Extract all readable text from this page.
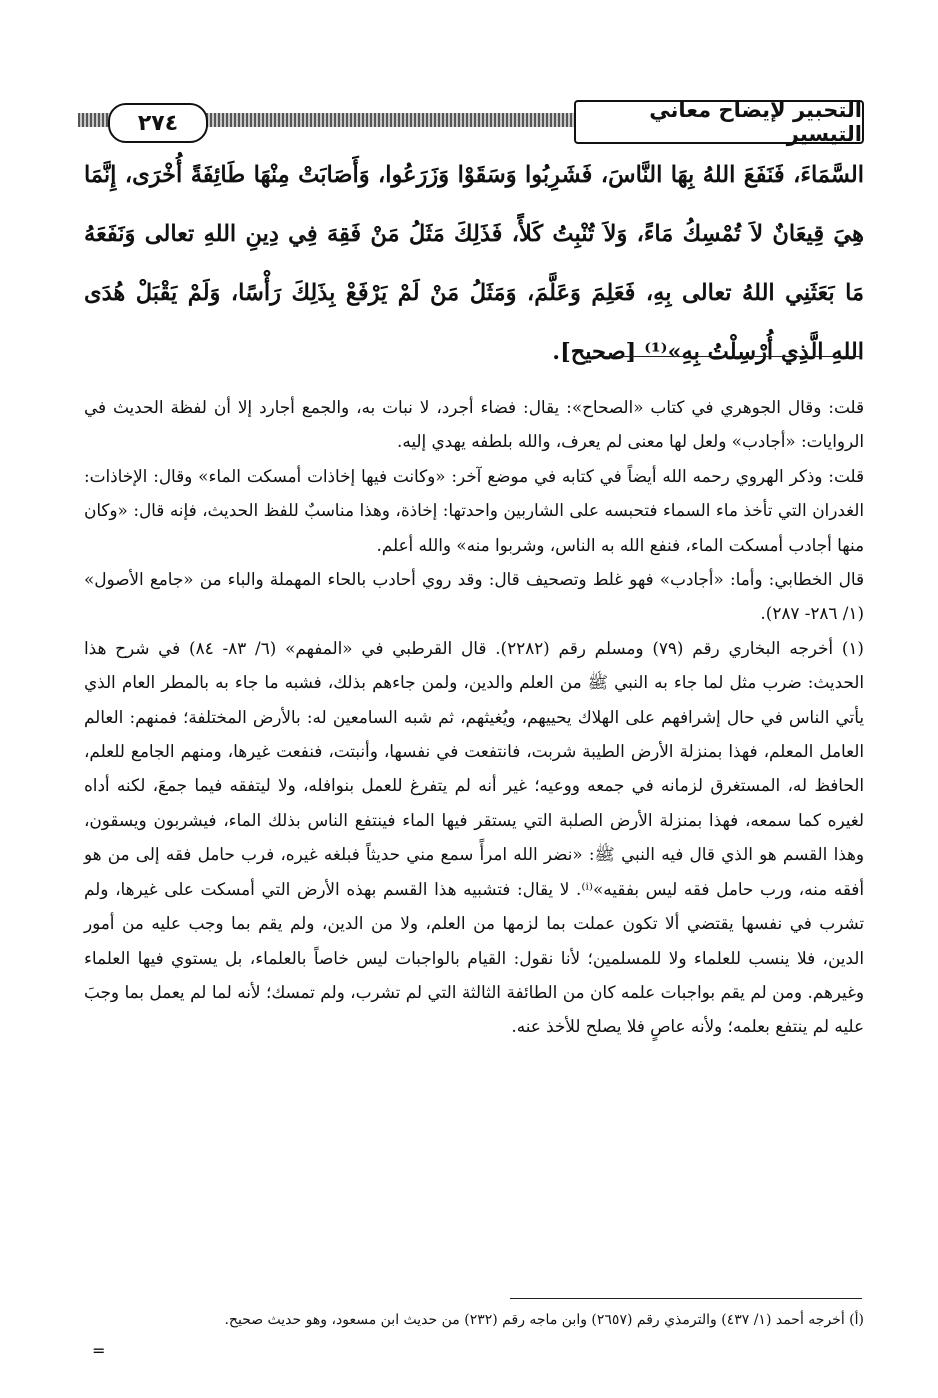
التحبير لإيضاح معاني التيسير
٢٧٤

السَّمَاءَ، فَنَفَعَ اللهُ بِهَا النَّاسَ، فَشَرِبُوا وَسَقَوْا وَزَرَعُوا، وَأَصَابَتْ مِنْهَا طَائِفَةً أُخْرَى، إِنَّمَا هِيَ قِيعَانٌ لاَ تُمْسِكُ مَاءً، وَلاَ تُنْبِتُ كَلأً، فَذَلِكَ مَثَلُ مَنْ فَقِهَ فِي دِينِ اللهِ تعالى وَنَفَعَهُ مَا بَعَثَنِي اللهُ تعالى بِهِ، فَعَلِمَ وَعَلَّمَ، وَمَثَلُ مَنْ لَمْ يَرْفَعْ بِذَلِكَ رَأْسًا، وَلَمْ يَقْبَلْ هُدَى اللهِ الَّذِي أُرْسِلْتُ بِهِ»⁽¹⁾ [صحيح].

قلت: وقال الجوهري في كتاب «الصحاح»: يقال: فضاء أجرد، لا نبات به، والجمع أجارد إلا أن لفظة الحديث في الروايات: «أجادب» ولعل لها معنى لم يعرف، والله بلطفه يهدي إليه.

قلت: وذكر الهروي رحمه الله أيضاً في كتابه في موضع آخر: «وكانت فيها إخاذات أمسكت الماء» وقال: الإخاذات: الغدران التي تأخذ ماء السماء فتحبسه على الشاربين واحدتها: إخاذة، وهذا مناسبٌ للفظ الحديث، فإنه قال: «وكان منها أجادب أمسكت الماء، فنفع الله به الناس، وشربوا منه» والله أعلم.

قال الخطابي: وأما: «أجادب» فهو غلط وتصحيف قال: وقد روي أحادب بالحاء المهملة والباء من «جامع الأصول» (١/ ٢٨٦- ٢٨٧).

(١) أخرجه البخاري رقم (٧٩) ومسلم رقم (٢٢٨٢). قال القرطبي في «المفهم» (٦/ ٨٣- ٨٤) في شرح هذا الحديث: ضرب مثل لما جاء به النبي ﷺ من العلم والدين، ولمن جاءهم بذلك، فشبه ما جاء به بالمطر العام الذي يأتي الناس في حال إشرافهم على الهلاك يحييهم، ويُغيثهم، ثم شبه السامعين له: بالأرض المختلفة؛ فمنهم: العالم العامل المعلم، فهذا بمنزلة الأرض الطيبة شربت، فانتفعت في نفسها، وأنبتت، فنفعت غيرها، ومنهم الجامع للعلم، الحافظ له، المستغرق لزمانه في جمعه ووعيه؛ غير أنه لم يتفرغ للعمل بنوافله، ولا ليتفقه فيما جمعَ، لكنه أداه لغيره كما سمعه، فهذا بمنزلة الأرض الصلبة التي يستقر فيها الماء فينتفع الناس بذلك الماء، فيشربون ويسقون، وهذا القسم هو الذي قال فيه النبي ﷺ: «نضر الله امرأً سمع مني حديثاً فبلغه غيره، فرب حامل فقه إلى من هو أفقه منه، ورب حامل فقه ليس بفقيه»⁽ⁱ⁾. لا يقال: فتشبيه هذا القسم بهذه الأرض التي أمسكت على غيرها، ولم تشرب في نفسها يقتضي ألا تكون عملت بما لزمها من العلم، ولا من الدين، ولم يقم بما وجب عليه من أمور الدين، فلا ينسب للعلماء ولا للمسلمين؛ لأنا نقول: القيام بالواجبات ليس خاصاً بالعلماء، بل يستوي فيها العلماء وغيرهم. ومن لم يقم بواجبات علمه كان من الطائفة الثالثة التي لم تشرب، ولم تمسك؛ لأنه لما لم يعمل بما وجبَ عليه لم ينتفع بعلمه؛ ولأنه عاصٍ فلا يصلح للأخذ عنه.

(أ) أخرجه أحمد (١/ ٤٣٧) والترمذي رقم (٢٦٥٧) وابن ماجه رقم (٢٣٢) من حديث ابن مسعود، وهو حديث صحيح.
=
